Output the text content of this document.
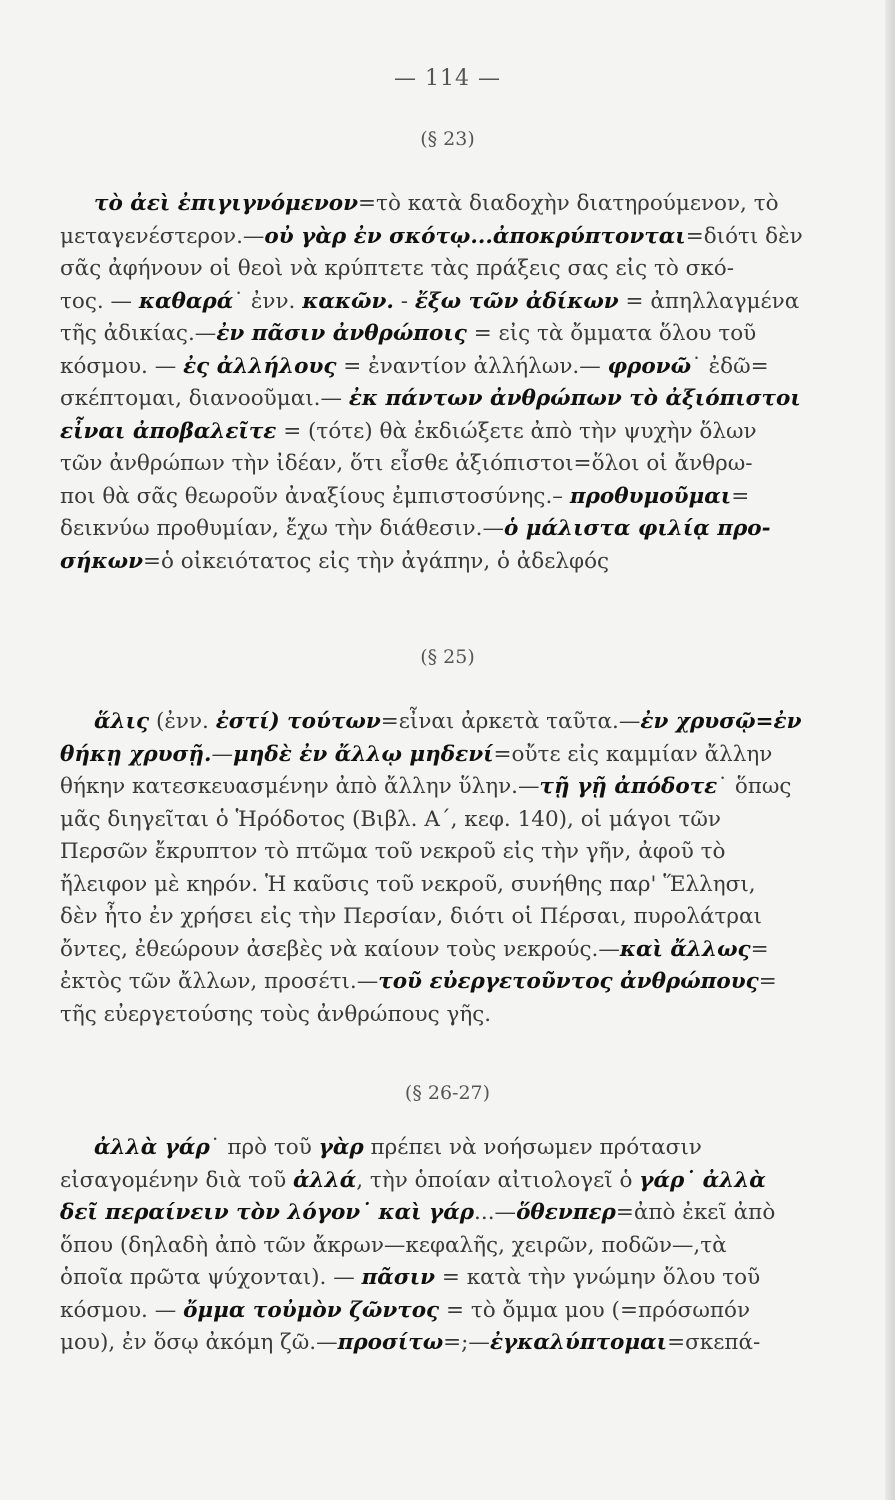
— 114 —
(§ 23)
τὸ ἀεὶ ἐπιγιγνόμενον=τὸ κατὰ διαδοχὴν διατηρούμενον, τὸ
μεταγενέστερον.—οὐ γὰρ ἐν σκότῳ...ἀποκρύπτονται=διότι δὲν
σᾶς ἀφήνουν οἱ θεοὶ νὰ κρύπτετε τὰς πράξεις σας εἰς τὸ σκό-
τος. — καθαρά˙ ἐνν. κακῶν. - ἔξω τῶν ἀδίκων = ἀπηλλαγμένα
τῆς ἀδικίας.—ἐν πᾶσιν ἀνθρώποις = εἰς τὰ ὄμματα ὅλου τοῦ
κόσμου. — ἐς ἀλλήλους = ἐναντίον ἀλλήλων.— φρονῶ˙ ἐδῶ=
σκέπτομαι, διανοοῦμαι.— ἐκ πάντων ἀνθρώπων τὸ ἀξιόπιστοι
εἶναι ἀποβαλεῖτε = (τότε) θὰ ἐκδιώξετε ἀπὸ τὴν ψυχὴν ὅλων
τῶν ἀνθρώπων τὴν ἰδέαν, ὅτι εἶσθε ἀξιόπιστοι=ὅλοι οἱ ἄνθρω-
ποι θὰ σᾶς θεωροῦν ἀναξίους ἐμπιστοσύνης.– προθυμοῦμαι=
δεικνύω προθυμίαν, ἔχω τὴν διάθεσιν.—ὁ μάλιστα φιλίᾳ προ-
σήκων=ὁ οἰκειότατος εἰς τὴν ἀγάπην, ὁ ἀδελφός
(§ 25)
ἅλις (ἐνν. ἐστί) τούτων=εἶναι ἀρκετὰ ταῦτα.—ἐν χρυσῷ=ἐν
θήκῃ χρυσῇ.—μηδὲ ἐν ἄλλῳ μηδενί=οὔτε εἰς καμμίαν ἄλλην
θήκην κατεσκευασμένην ἀπὸ ἄλλην ὕλην.—τῇ γῇ ἀπόδοτε˙ ὅπως
μᾶς διηγεῖται ὁ Ἡρόδοτος (Βιβλ. Α΄, κεφ. 140), οἱ μάγοι τῶν
Περσῶν ἔκρυπτον τὸ πτῶμα τοῦ νεκροῦ εἰς τὴν γῆν, ἀφοῦ τὸ
ἤλειφον μὲ κηρόν. Ἡ καῦσις τοῦ νεκροῦ, συνήθης παρ' Ἕλλησι,
δὲν ἦτο ἐν χρήσει εἰς τὴν Περσίαν, διότι οἱ Πέρσαι, πυρολάτραι
ὄντες, ἐθεώρουν ἀσεβὲς νὰ καίουν τοὺς νεκρούς.—καὶ ἄλλως=
ἐκτὸς τῶν ἄλλων, προσέτι.—τοῦ εὐεργετοῦντος ἀνθρώπους=
τῆς εὐεργετούσης τοὺς ἀνθρώπους γῆς.
(§ 26-27)
ἀλλὰ γάρ˙ πρὸ τοῦ γὰρ πρέπει νὰ νοήσωμεν πρότασιν
εἰσαγομένην διὰ τοῦ ἀλλά, τὴν ὁποίαν αἰτιολογεῖ ὁ γάρ˙ ἀλλὰ
δεῖ περαίνειν τὸν λόγον˙ καὶ γάρ...—ὅθενπερ=ἀπὸ ἐκεῖ ἀπὸ
ὅπου (δηλαδὴ ἀπὸ τῶν ἄκρων—κεφαλῆς, χειρῶν, ποδῶν—,τὰ
ὁποῖα πρῶτα ψύχονται). — πᾶσιν = κατὰ τὴν γνώμην ὅλου τοῦ
κόσμου. — ὄμμα τοὐμὸν ζῶντος = τὸ ὄμμα μου (=πρόσωπόν
μου), ἐν ὅσῳ ἀκόμη ζῶ.—προσίτω=;—ἐγκαλύπτομαι=σκεπά-
